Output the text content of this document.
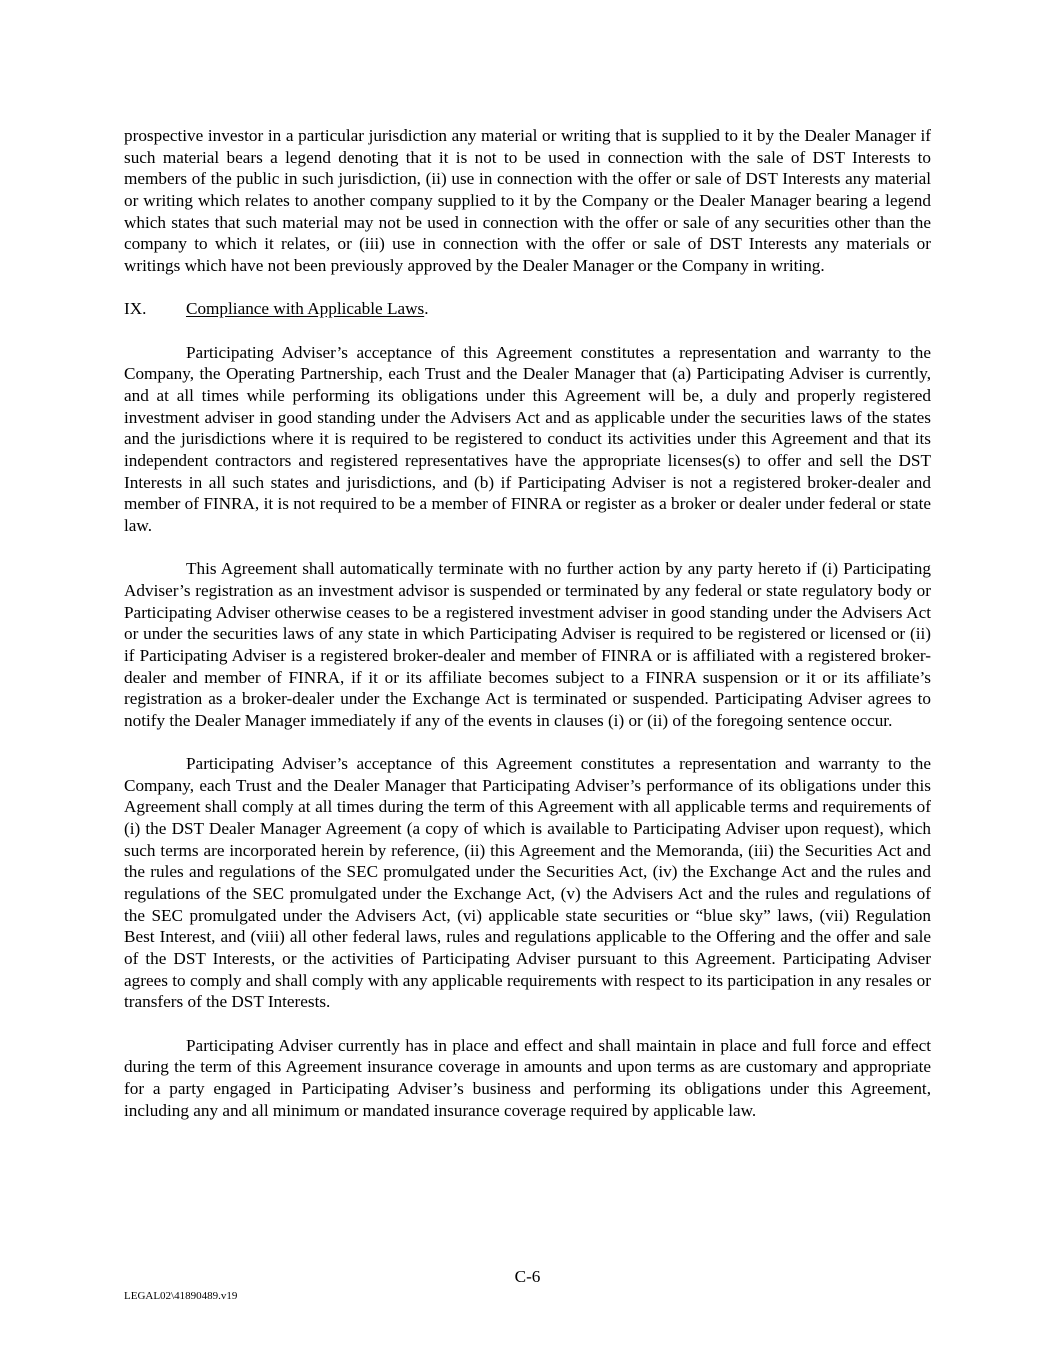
prospective investor in a particular jurisdiction any material or writing that is supplied to it by the Dealer Manager if such material bears a legend denoting that it is not to be used in connection with the sale of DST Interests to members of the public in such jurisdiction, (ii) use in connection with the offer or sale of DST Interests any material or writing which relates to another company supplied to it by the Company or the Dealer Manager bearing a legend which states that such material may not be used in connection with the offer or sale of any securities other than the company to which it relates, or (iii) use in connection with the offer or sale of DST Interests any materials or writings which have not been previously approved by the Dealer Manager or the Company in writing.

IX.	Compliance with Applicable Laws.

Participating Adviser’s acceptance of this Agreement constitutes a representation and warranty to the Company, the Operating Partnership, each Trust and the Dealer Manager that (a) Participating Adviser is currently, and at all times while performing its obligations under this Agreement will be, a duly and properly registered investment adviser in good standing under the Advisers Act and as applicable under the securities laws of the states and the jurisdictions where it is required to be registered to conduct its activities under this Agreement and that its independent contractors and registered representatives have the appropriate licenses(s) to offer and sell the DST Interests in all such states and jurisdictions, and (b) if Participating Adviser is not a registered broker-dealer and member of FINRA, it is not required to be a member of FINRA or register as a broker or dealer under federal or state law.

This Agreement shall automatically terminate with no further action by any party hereto if (i) Participating Adviser’s registration as an investment advisor is suspended or terminated by any federal or state regulatory body or Participating Adviser otherwise ceases to be a registered investment adviser in good standing under the Advisers Act or under the securities laws of any state in which Participating Adviser is required to be registered or licensed or (ii) if Participating Adviser is a registered broker-dealer and member of FINRA or is affiliated with a registered broker-dealer and member of FINRA, if it or its affiliate becomes subject to a FINRA suspension or it or its affiliate’s registration as a broker-dealer under the Exchange Act is terminated or suspended. Participating Adviser agrees to notify the Dealer Manager immediately if any of the events in clauses (i) or (ii) of the foregoing sentence occur.

Participating Adviser’s acceptance of this Agreement constitutes a representation and warranty to the Company, each Trust and the Dealer Manager that Participating Adviser’s performance of its obligations under this Agreement shall comply at all times during the term of this Agreement with all applicable terms and requirements of (i) the DST Dealer Manager Agreement (a copy of which is available to Participating Adviser upon request), which such terms are incorporated herein by reference, (ii) this Agreement and the Memoranda, (iii) the Securities Act and the rules and regulations of the SEC promulgated under the Securities Act, (iv) the Exchange Act and the rules and regulations of the SEC promulgated under the Exchange Act, (v) the Advisers Act and the rules and regulations of the SEC promulgated under the Advisers Act, (vi) applicable state securities or “blue sky” laws, (vii) Regulation Best Interest, and (viii) all other federal laws, rules and regulations applicable to the Offering and the offer and sale of the DST Interests, or the activities of Participating Adviser pursuant to this Agreement. Participating Adviser agrees to comply and shall comply with any applicable requirements with respect to its participation in any resales or transfers of the DST Interests.

Participating Adviser currently has in place and effect and shall maintain in place and full force and effect during the term of this Agreement insurance coverage in amounts and upon terms as are customary and appropriate for a party engaged in Participating Adviser’s business and performing its obligations under this Agreement, including any and all minimum or mandated insurance coverage required by applicable law.

C-6
LEGAL02\41890489.v19
